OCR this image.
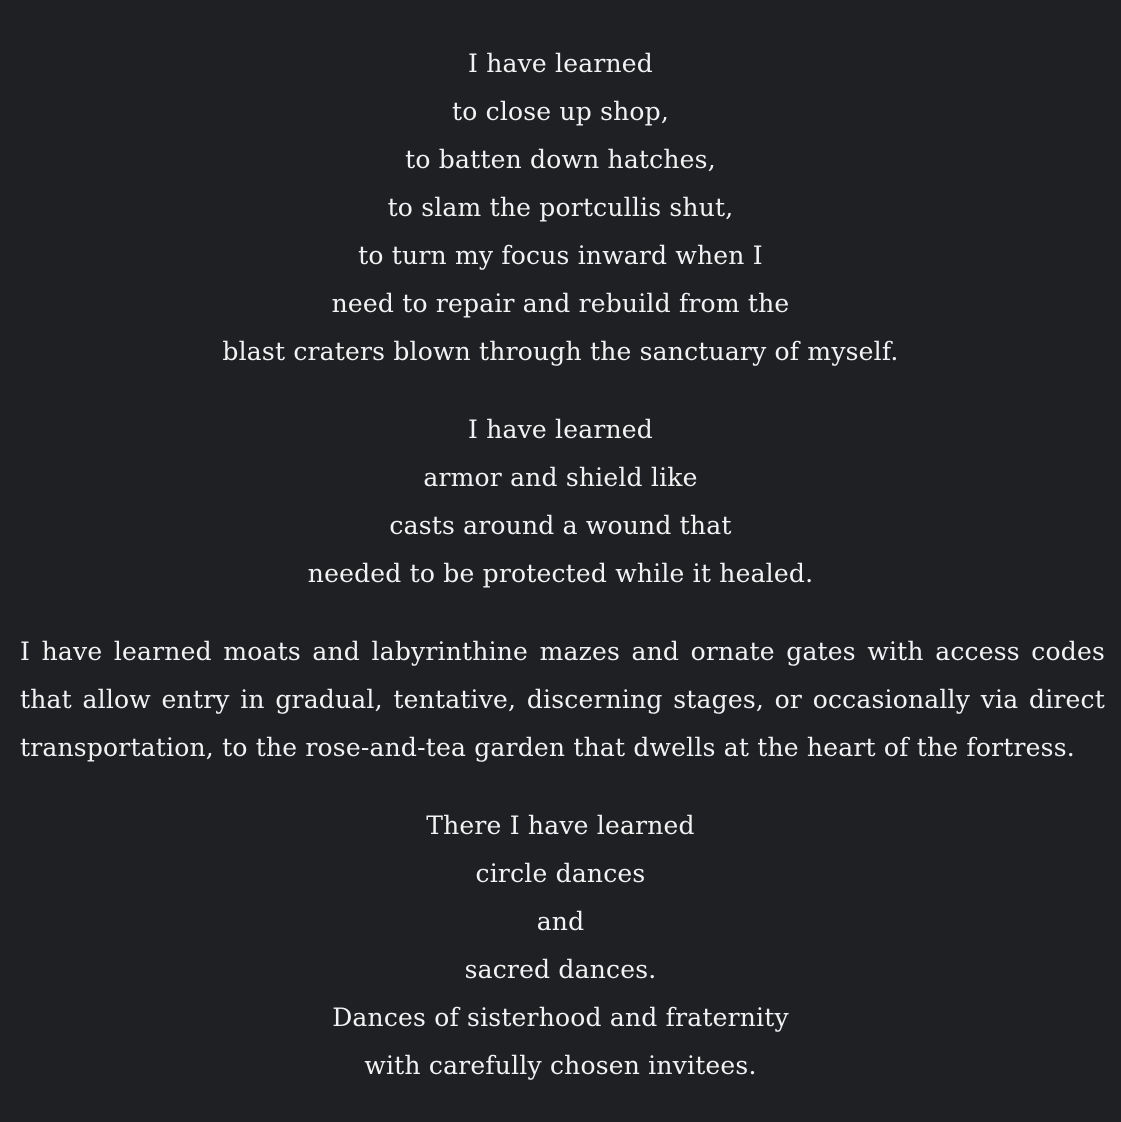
I have learned
to close up shop,
to batten down hatches,
to slam the portcullis shut,
to turn my focus inward when I
need to repair and rebuild from the
blast craters blown through the sanctuary of myself.
I have learned
armor and shield like
casts around a wound that
needed to be protected while it healed.
I have learned moats and labyrinthine mazes and ornate gates with access codes
that allow entry in gradual, tentative, discerning stages, or occasionally via direct
transportation, to the rose-and-tea garden that dwells at the heart of the fortress.
There I have learned
circle dances
and
sacred dances.
Dances of sisterhood and fraternity
with carefully chosen invitees.
